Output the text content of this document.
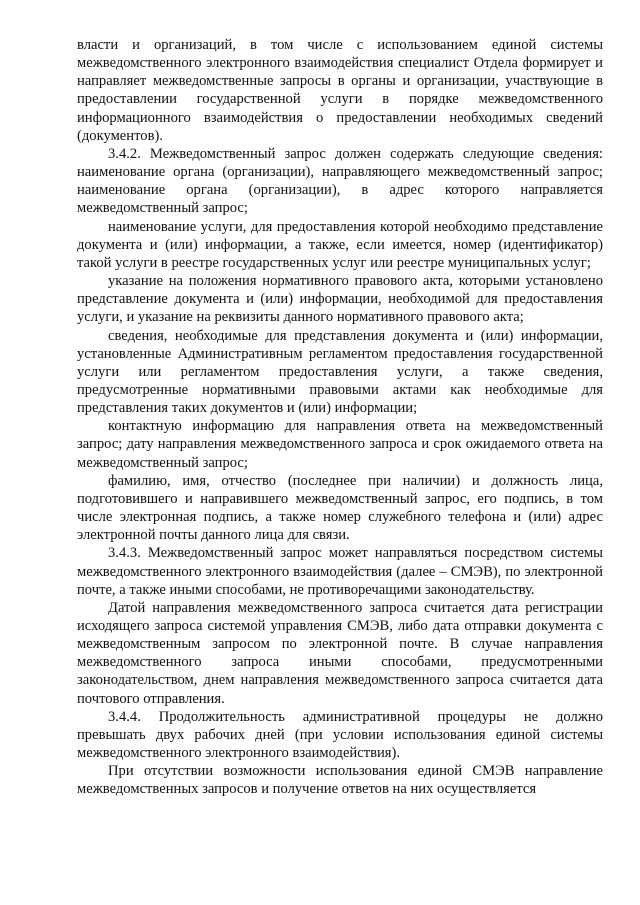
власти и организаций, в том числе с использованием единой системы межведомственного электронного взаимодействия специалист Отдела формирует и направляет межведомственные запросы в органы и организации, участвующие в предоставлении государственной услуги в порядке межведомственного информационного взаимодействия о предоставлении необходимых сведений (документов).

3.4.2. Межведомственный запрос должен содержать следующие сведения: наименование органа (организации), направляющего межведомственный запрос; наименование органа (организации), в адрес которого направляется межведомственный запрос;

наименование услуги, для предоставления которой необходимо представление документа и (или) информации, а также, если имеется, номер (идентификатор) такой услуги в реестре государственных услуг или реестре муниципальных услуг;

указание на положения нормативного правового акта, которыми установлено представление документа и (или) информации, необходимой для предоставления услуги, и указание на реквизиты данного нормативного правового акта;

сведения, необходимые для представления документа и (или) информации, установленные Административным регламентом предоставления государственной услуги или регламентом предоставления услуги, а также сведения, предусмотренные нормативными правовыми актами как необходимые для представления таких документов и (или) информации;

контактную информацию для направления ответа на межведомственный запрос; дату направления межведомственного запроса и срок ожидаемого ответа на межведомственный запрос;

фамилию, имя, отчество (последнее при наличии) и должность лица, подготовившего и направившего межведомственный запрос, его подпись, в том числе электронная подпись, а также номер служебного телефона и (или) адрес электронной почты данного лица для связи.

3.4.3. Межведомственный запрос может направляться посредством системы межведомственного электронного взаимодействия (далее – СМЭВ), по электронной почте, а также иными способами, не противоречащими законодательству.

Датой направления межведомственного запроса считается дата регистрации исходящего запроса системой управления СМЭВ, либо дата отправки документа с межведомственным запросом по электронной почте. В случае направления межведомственного запроса иными способами, предусмотренными законодательством, днем направления межведомственного запроса считается дата почтового отправления.

3.4.4. Продолжительность административной процедуры не должно превышать двух рабочих дней (при условии использования единой системы межведомственного электронного взаимодействия).

При отсутствии возможности использования единой СМЭВ направление межведомственных запросов и получение ответов на них осуществляется
